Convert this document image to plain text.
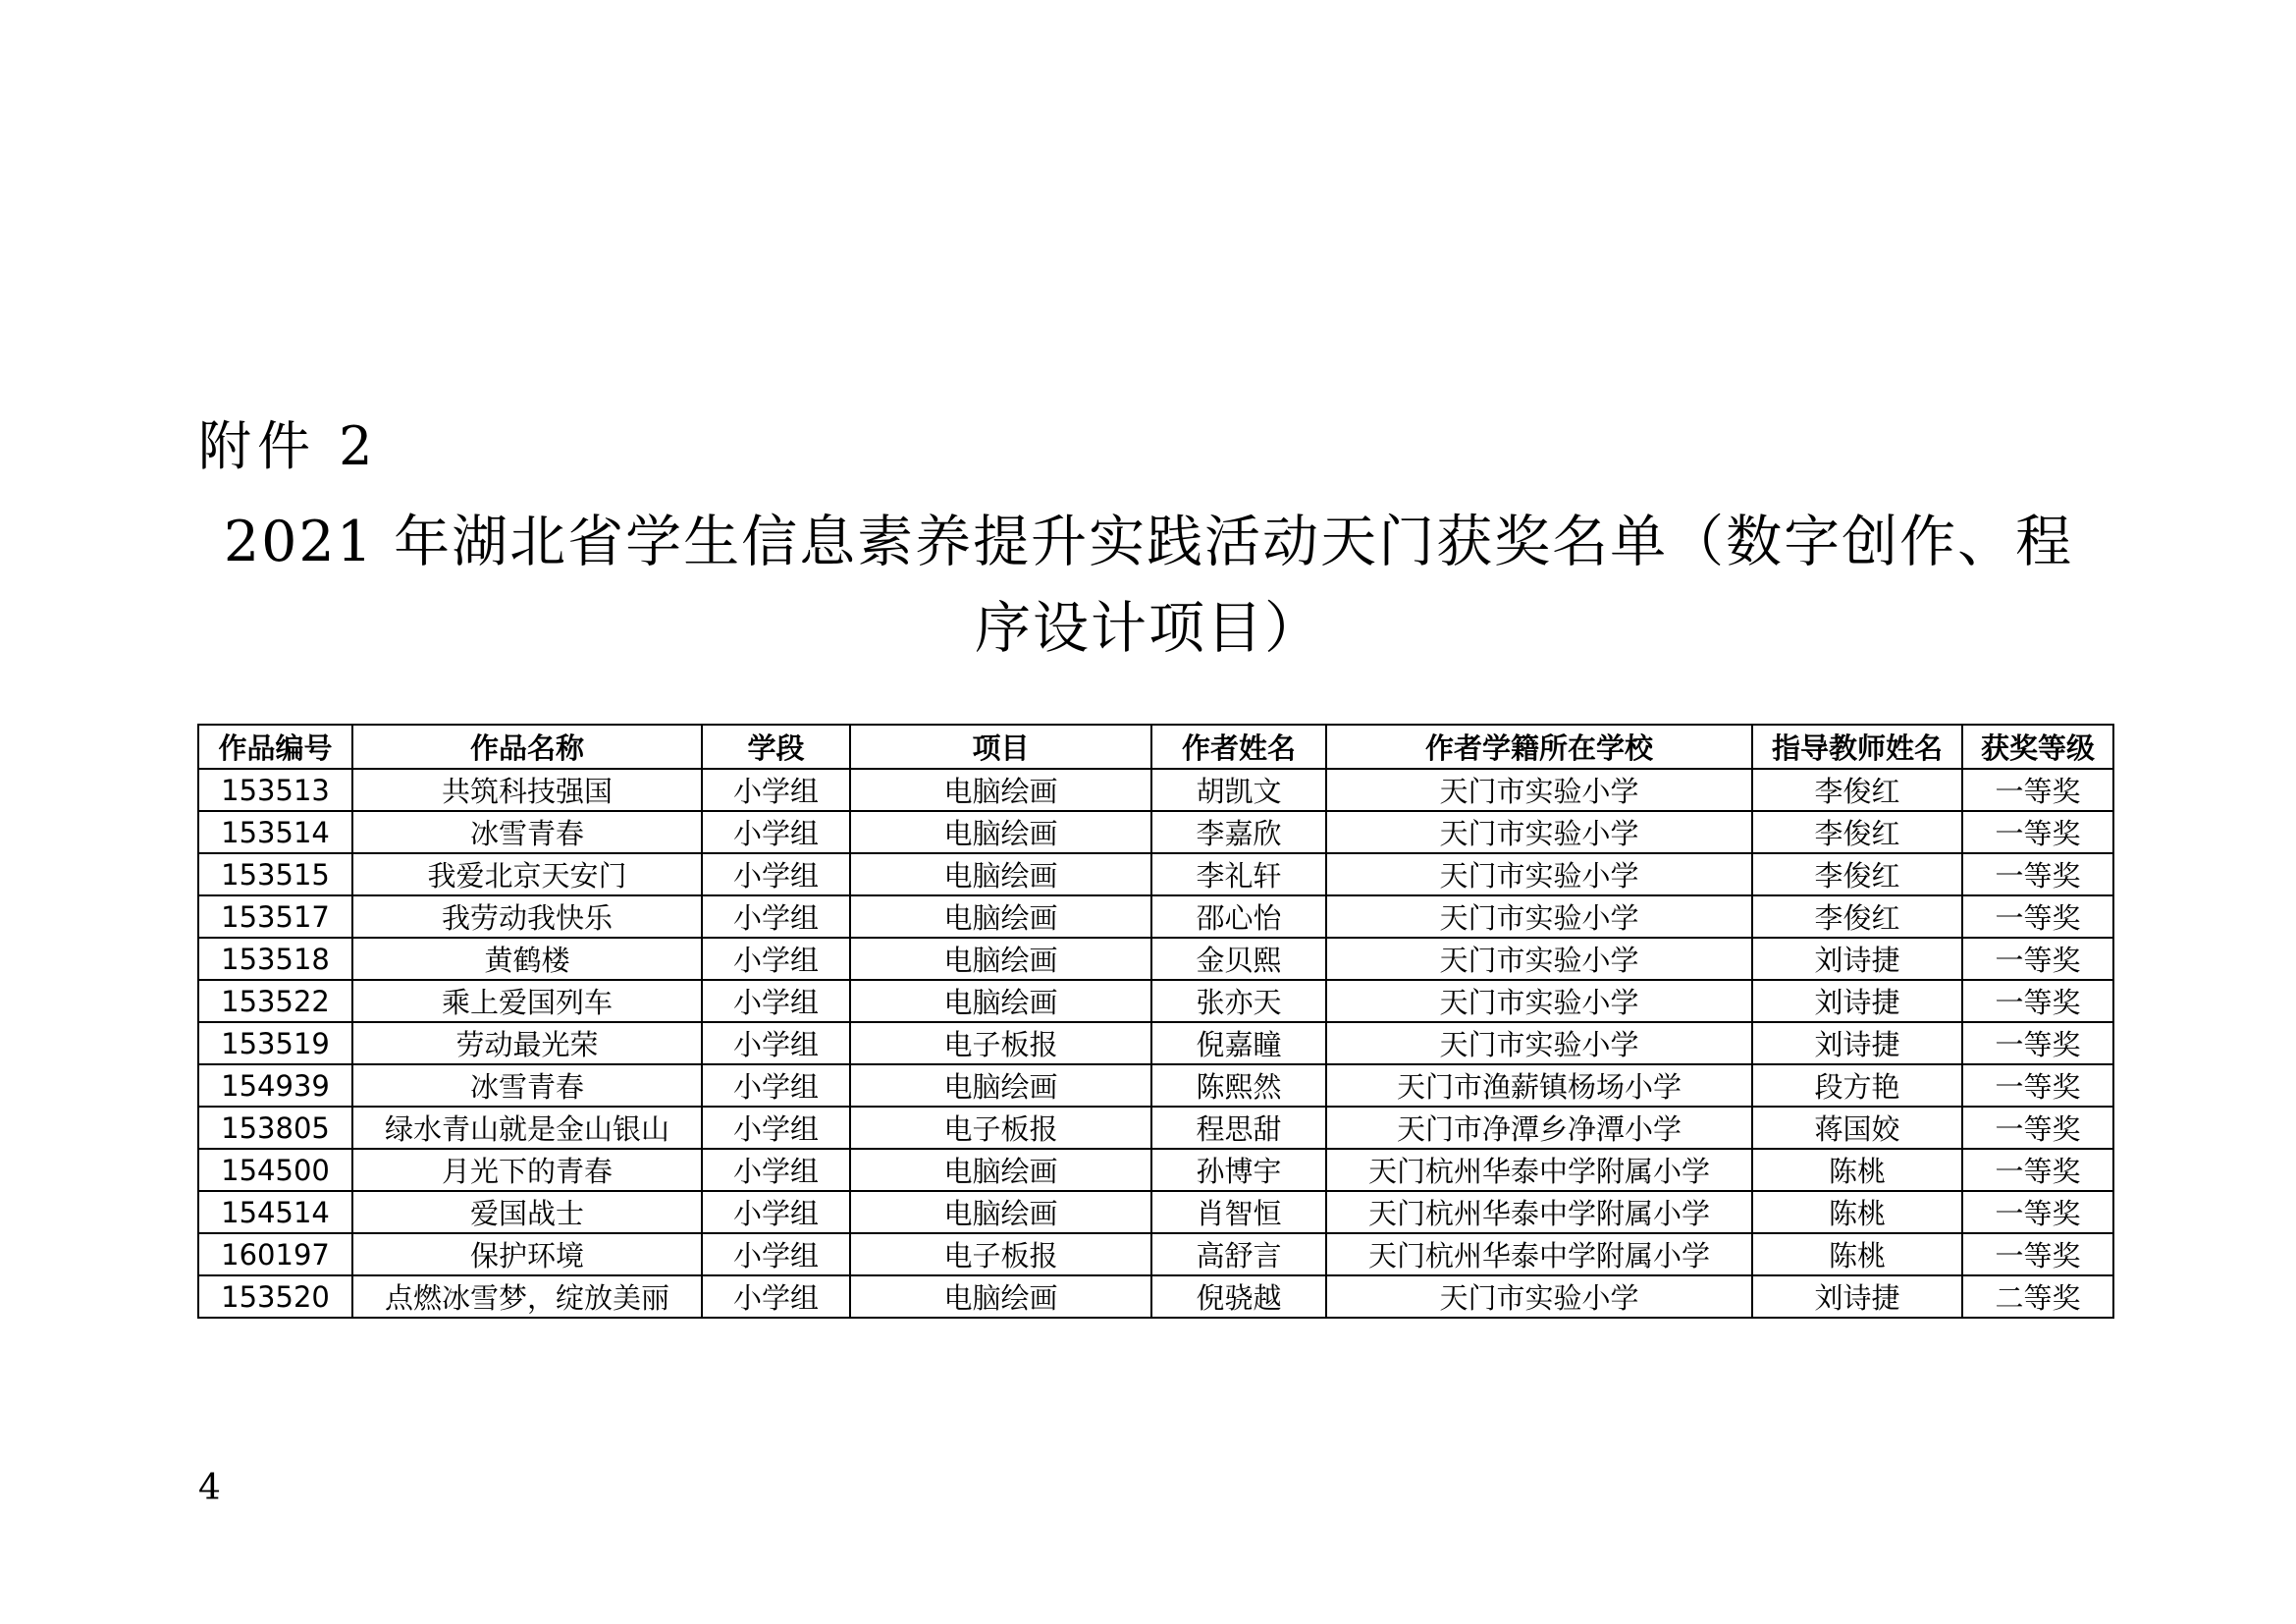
附件 2
2021 年湖北省学生信息素养提升实践活动天门获奖名单（数字创作、程
序设计项目）
作品编号	作品名称	学段	项目	作者姓名	作者学籍所在学校	指导教师姓名	获奖等级
153513	共筑科技强国	小学组	电脑绘画	胡凯文	天门市实验小学	李俊红	一等奖
153514	冰雪青春	小学组	电脑绘画	李嘉欣	天门市实验小学	李俊红	一等奖
153515	我爱北京天安门	小学组	电脑绘画	李礼轩	天门市实验小学	李俊红	一等奖
153517	我劳动我快乐	小学组	电脑绘画	邵心怡	天门市实验小学	李俊红	一等奖
153518	黄鹤楼	小学组	电脑绘画	金贝熙	天门市实验小学	刘诗捷	一等奖
153522	乘上爱国列车	小学组	电脑绘画	张亦天	天门市实验小学	刘诗捷	一等奖
153519	劳动最光荣	小学组	电子板报	倪嘉瞳	天门市实验小学	刘诗捷	一等奖
154939	冰雪青春	小学组	电脑绘画	陈熙然	天门市渔薪镇杨场小学	段方艳	一等奖
153805	绿水青山就是金山银山	小学组	电子板报	程思甜	天门市净潭乡净潭小学	蒋国姣	一等奖
154500	月光下的青春	小学组	电脑绘画	孙博宇	天门杭州华泰中学附属小学	陈桃	一等奖
154514	爱国战士	小学组	电脑绘画	肖智恒	天门杭州华泰中学附属小学	陈桃	一等奖
160197	保护环境	小学组	电子板报	高舒言	天门杭州华泰中学附属小学	陈桃	一等奖
153520	点燃冰雪梦，绽放美丽	小学组	电脑绘画	倪骁越	天门市实验小学	刘诗捷	二等奖
4
